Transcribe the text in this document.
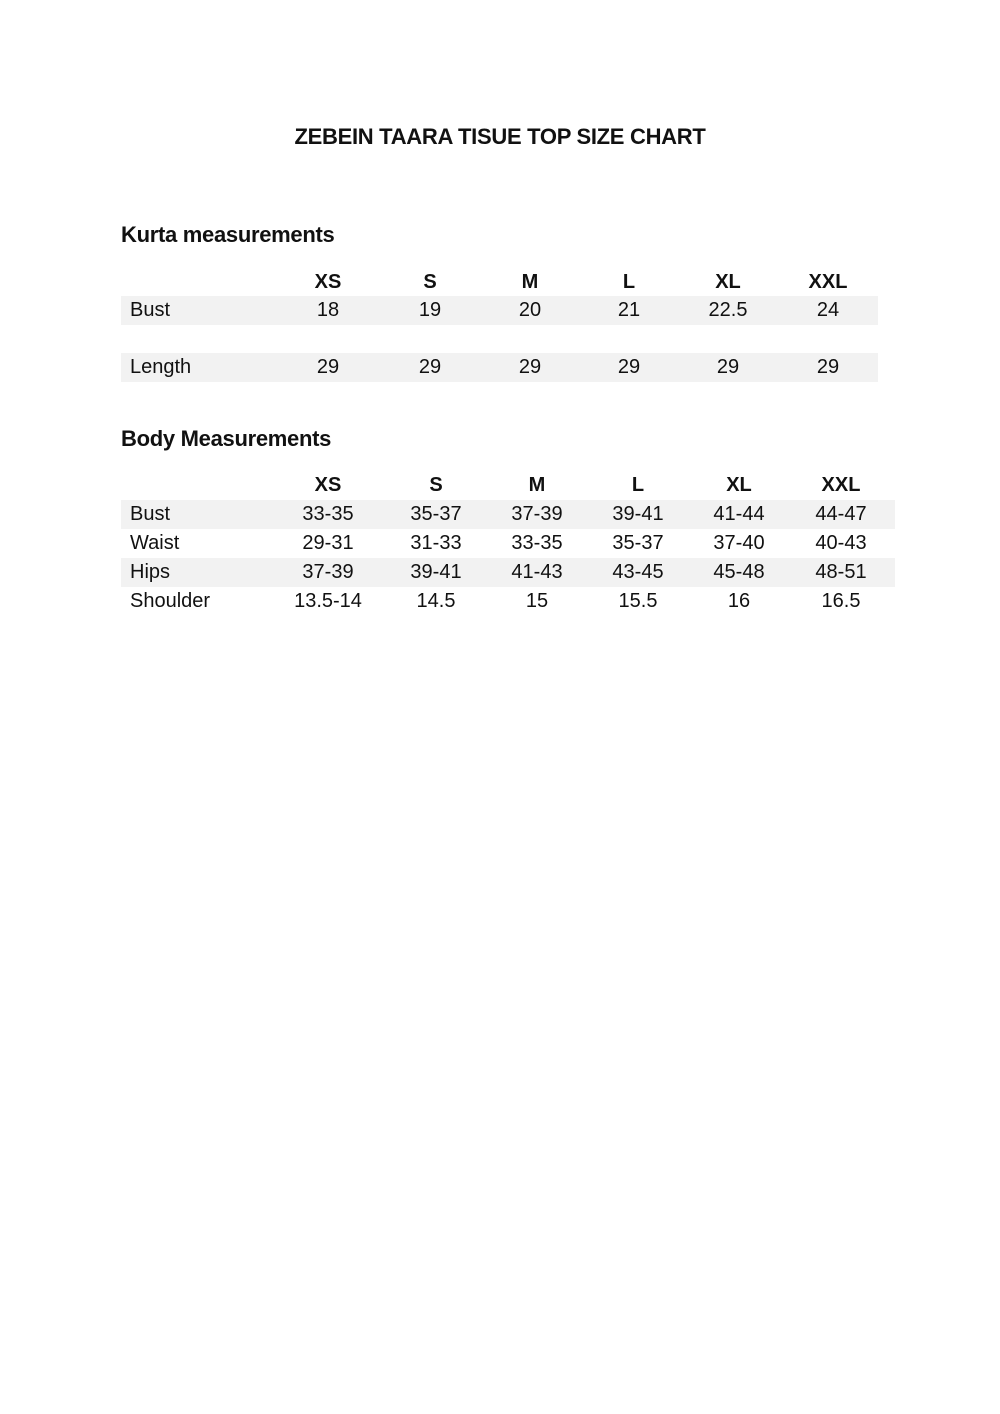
ZEBEIN TAARA TISUE TOP SIZE CHART
Kurta measurements
XS	S	M	L	XL	XXL
Bust	18	19	20	21	22.5	24
Length	29	29	29	29	29	29
Body Measurements
XS	S	M	L	XL	XXL
Bust	33-35	35-37	37-39	39-41	41-44	44-47
Waist	29-31	31-33	33-35	35-37	37-40	40-43
Hips	37-39	39-41	41-43	43-45	45-48	48-51
Shoulder	13.5-14	14.5	15	15.5	16	16.5
